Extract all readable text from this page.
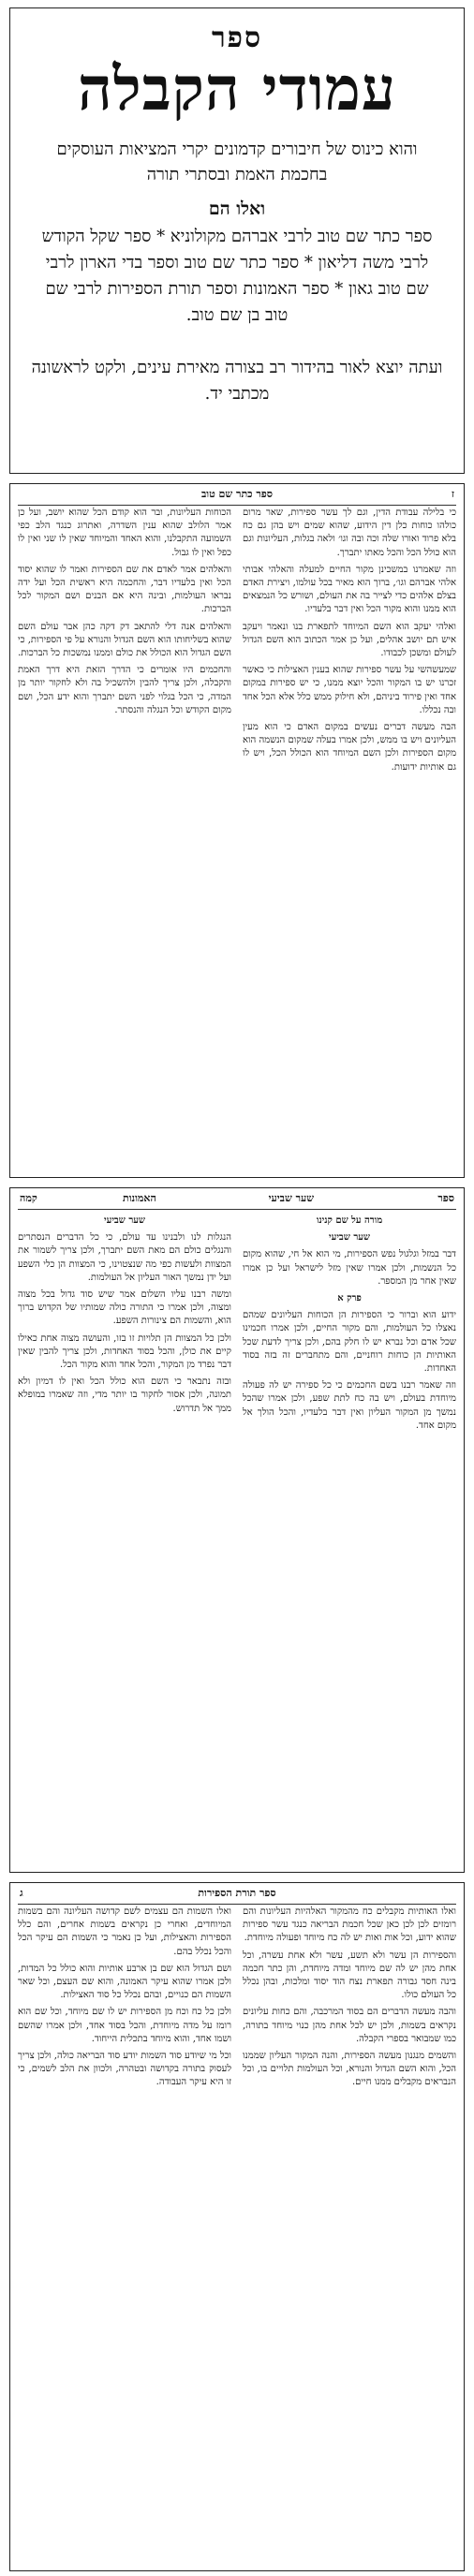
ספר
עמודי הקבלה

והוא כינוס של חיבורים קדמונים יקרי המציאות העוסקים בחכמת האמת ובסתרי תורה

ואלו הם

ספר כתר שם טוב לרבי אברהם מקולוניא * ספר שקל הקודש לרבי משה דליאון * ספר כתר שם טוב וספר בדי הארון לרבי שם טוב גאון * ספר האמונות וספר תורת הספירות לרבי שם טוב בן שם טוב.

ועתה יוצא לאור בהידור רב בצורה מאירת עינים, ולקט לראשונה מכתבי יד.

ז
ספר כתר שם טוב

כי בלילה עבודת הדין, וגם לך עשר ספירות, שאר מרום כולהו כוחות כלן דין הידוע, שהוא שמים ויש בהן גם כח בלא פרוד ואורו שלה וכה ובה וגו׳ ולאה בגלות, העליונות וגם הוא כולל הכל והכל מאתו יתברך.

וזה שאמרנו במשכינן מקור החיים למעלה והאלהי אבותי אלהי אברהם וגו׳, ברוך הוא מאיר בכל עולמו, ויצירת האדם בצלם אלהים כדי לצייר בה את העולם, ושורש כל הנמצאים הוא ממנו והוא מקור הכל ואין דבר בלעדיו.

ואלהי יעקב הוא השם המיוחד לתפארת בנו ונאמר ויעקב איש תם יושב אהלים, ועל כן אמר הכתוב הוא השם הגדול לעולם ומשכן לכבודו.

שמעשהשי על עשר ספירות שהוא בענין האצילות כי כאשר זכרנו יש בו המקור והכל יוצא ממנו, כי יש ספירות במקום אחד ואין פירוד ביניהם, ולא חילוק ממש כלל אלא הכל אחד ובה נכללו.

הבה מעשה דברים נעשים במקום האדם כי הוא מעין העליונים ויש בו ממש, ולכן אמרו בעלה שמקום הנשמה הוא מקום הספירות ולכן השם המיוחד הוא הכולל הכל, ויש לו גם אותיות ידועות.

הכוחות העליונות, ובר הוא קודם הכל שהוא יושב, ועל כן אמר הלולב שהוא ענין השדרה, ואתרוג כנגד הלב כפי השמועה התקבלנו, והוא האחד והמיוחד שאין לו שני ואין לו כפל ואין לו גבול.

והאלהים אמר לאדם את שם הספירות ואמר לו שהוא יסוד הכל ואין בלעדיו דבר, והחכמה היא ראשית הכל ועל ידה נבראו העולמות, ובינה היא אם הבנים ושם המקור לכל הברכות.

והאלהים אנה דלי להתאב דק דקה כהן אבר עולם השם שהוא בשליחותו הוא השם הגדול והנורא על פי הספירות, כי השם הגדול הוא הכולל את כולם וממנו נמשכות כל הברכות.

והחכמים היו אומרים כי הדרך הזאת היא דרך האמת והקבלה, ולכן צריך להבין ולהשכיל בה ולא לחקור יותר מן המדה, כי הכל בגלוי לפני השם יתברך והוא ידע הכל, ושם מקום הקודש וכל הנגלה והנסתר.

ספר
שער שביעי
האמונות
קמה

מורה על שם קנינו

שער שביעי

דבר במזל וגלגול נפש הספירות, מי הוא אל חי, שהוא מקום כל הנשמות, ולכן אמרו שאין מזל לישראל ועל כן אמרו שאין אחר מן המספר.

פרק א

ידוע הוא וברור כי הספירות הן הכוחות העליונים שמהם נאצלו כל העולמות, והם מקור החיים, ולכן אמרו חכמינו שכל אדם וכל נברא יש לו חלק בהם, ולכן צריך לדעת שכל האותיות הן כוחות רוחניים, והם מתחברים זה בזה בסוד האחדות.

וזה שאמר רבנו בשם החכמים כי כל ספירה יש לה פעולה מיוחדת בעולם, ויש בה כח לתת שפע, ולכן אמרו שהכל נמשך מן המקור העליון ואין דבר בלעדיו, והכל הולך אל מקום אחד.

שער שביעי

הנגלות לנו ולבנינו עד עולם, כי כל הדברים הנסתרים והנגלים כולם הם מאת השם יתברך, ולכן צריך לשמור את המצוות ולעשות כפי מה שנצטוינו, כי המצוות הן כלי השפע ועל ידן נמשך האור העליון אל העולמות.

ומשה רבנו עליו השלום אמר שיש סוד גדול בכל מצוה ומצוה, ולכן אמרו כי התורה כולה שמותיו של הקדוש ברוך הוא, והשמות הם צינורות השפע.

ולכן כל המצוות הן תלויות זו בזו, והעושה מצוה אחת כאילו קיים את כולן, והכל בסוד האחדות, ולכן צריך להבין שאין דבר נפרד מן המקור, והכל אחד והוא מקור הכל.

ובזה נתבאר כי השם הוא כולל הכל ואין לו דמיון ולא תמונה, ולכן אסור לחקור בו יותר מדי, וזה שאמרו במופלא ממך אל תדרוש.

ג	ספר תורת הספירות

ואלו האותיות מקבלים כח מהמקור האלהיות העליונות והם רומזים לכן לכן כאן שכל חכמת הבריאה כנגד עשר ספירות שהוא ידוע, וכל אות ואות יש לה כח מיוחד ופעולה מיוחדת.

והספירות הן עשר ולא תשע, עשר ולא אחת עשרה, וכל אחת מהן יש לה שם מיוחד ומדה מיוחדת, והן כתר חכמה בינה חסד גבורה תפארת נצח הוד יסוד ומלכות, ובהן נכלל כל העולם כולו.

והבה מעשה הדברים הם בסוד המרכבה, והם כחות עליונים נקראים בשמות, ולכן יש לכל אחת מהן כנוי מיוחד בתורה, כמו שמבואר בספרי הקבלה.

והשמים מנגנון מעשה הספירות, והנה המקור העליון שממנו הכל, והוא השם הגדול והנורא, וכל העולמות תלויים בו, וכל הנבראים מקבלים ממנו חיים.

ואלו השמות הם עצמים לשם קדושה העליונה והם בשמות המיוחדים, ואחרי כן נקראים בשמות אחרים, והם כלל הספירות והאצילות, ועל כן נאמר כי השמות הם עיקר הכל והכל נכלל בהם.

ושם הגדול הוא שם בן ארבע אותיות והוא כולל כל המדות, ולכן אמרו שהוא עיקר האמונה, והוא שם העצם, וכל שאר השמות הם כנויים, ובהם נכלל כל סוד האצילות.

ולכן כל כח וכח מן הספירות יש לו שם מיוחד, וכל שם הוא רומז על מדה מיוחדת, והכל בסוד אחד, ולכן אמרו שהשם ושמו אחד, והוא מיוחד בתכלית הייחוד.

וכל מי שיודע סוד השמות יודע סוד הבריאה כולה, ולכן צריך לעסוק בתורה בקדושה ובטהרה, ולכוון את הלב לשמים, כי זו היא עיקר העבודה.
